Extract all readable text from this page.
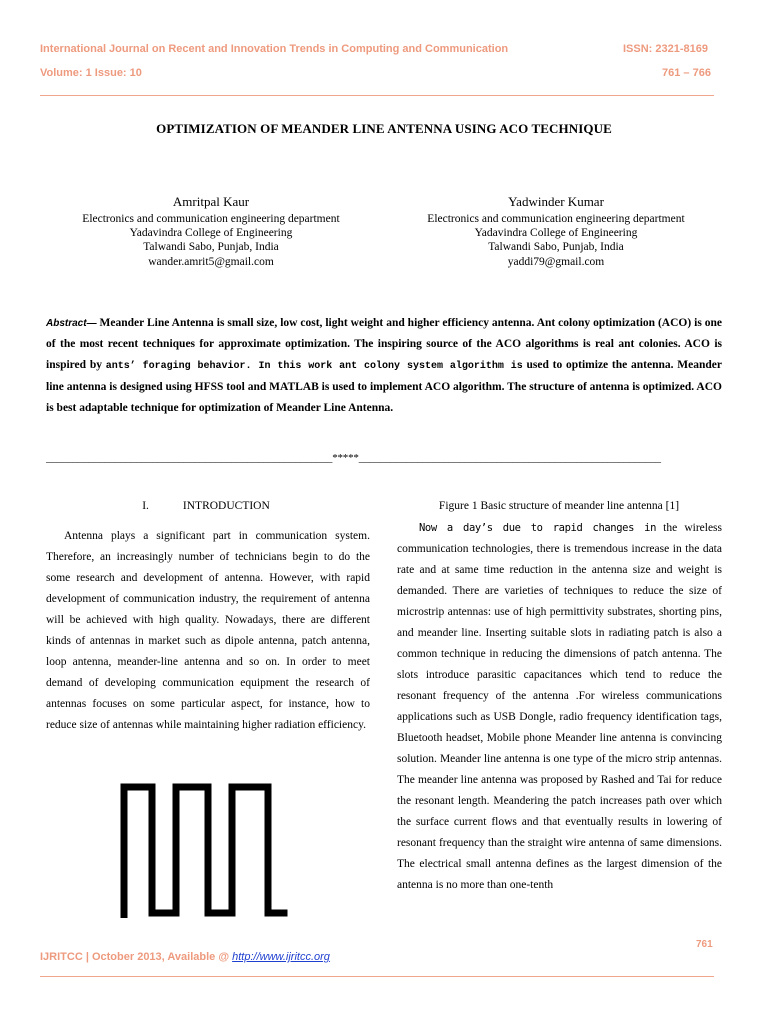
International Journal on Recent and Innovation Trends in Computing and Communication	ISSN: 2321-8169
Volume: 1 Issue: 10	761 – 766
OPTIMIZATION OF MEANDER LINE ANTENNA USING ACO TECHNIQUE
Amritpal Kaur
Electronics and communication engineering department
Yadavindra College of Engineering
Talwandi Sabo, Punjab, India
wander.amrit5@gmail.com
Yadwinder Kumar
Electronics and communication engineering department
Yadavindra College of Engineering
Talwandi Sabo, Punjab, India
yaddi79@gmail.com
Abstract— Meander Line Antenna is small size, low cost, light weight and higher efficiency antenna. Ant colony optimization (ACO) is one of the most recent techniques for approximate optimization. The inspiring source of the ACO algorithms is real ant colonies. ACO is inspired by ants’ foraging behavior. In this work ant colony system algorithm is used to optimize the antenna. Meander line antenna is designed using HFSS tool and MATLAB is used to implement ACO algorithm. The structure of antenna is optimized. ACO is best adaptable technique for optimization of Meander Line Antenna.
______________________________________________________*****_________________________________________________________
I.	INTRODUCTION
Antenna plays a significant part in communication system. Therefore, an increasingly number of technicians begin to do the some research and development of antenna. However, with rapid development of communication industry, the requirement of antenna will be achieved with high quality. Nowadays, there are different kinds of antennas in market such as dipole antenna, patch antenna, loop antenna, meander-line antenna and so on. In order to meet demand of developing communication equipment the research of antennas focuses on some particular aspect, for instance, how to reduce size of antennas while maintaining higher radiation efficiency.
Figure 1 Basic structure of meander line antenna [1]
Now a day’s due to rapid changes in the wireless communication technologies, there is tremendous increase in the data rate and at same time reduction in the antenna size and weight is demanded. There are varieties of techniques to reduce the size of microstrip antennas: use of high permittivity substrates, shorting pins, and meander line. Inserting suitable slots in radiating patch is also a common technique in reducing the dimensions of patch antenna. The slots introduce parasitic capacitances which tend to reduce the resonant frequency of the antenna .For wireless communications applications such as USB Dongle, radio frequency identification tags, Bluetooth headset, Mobile phone Meander line antenna is convincing solution. Meander line antenna is one type of the micro strip antennas. The meander line antenna was proposed by Rashed and Tai for reduce the resonant length. Meandering the patch increases path over which the surface current flows and that eventually results in lowering of resonant frequency than the straight wire antenna of same dimensions. The electrical small antenna defines as the largest dimension of the antenna is no more than one-tenth
761
IJRITCC | October 2013, Available @ http://www.ijritcc.org
